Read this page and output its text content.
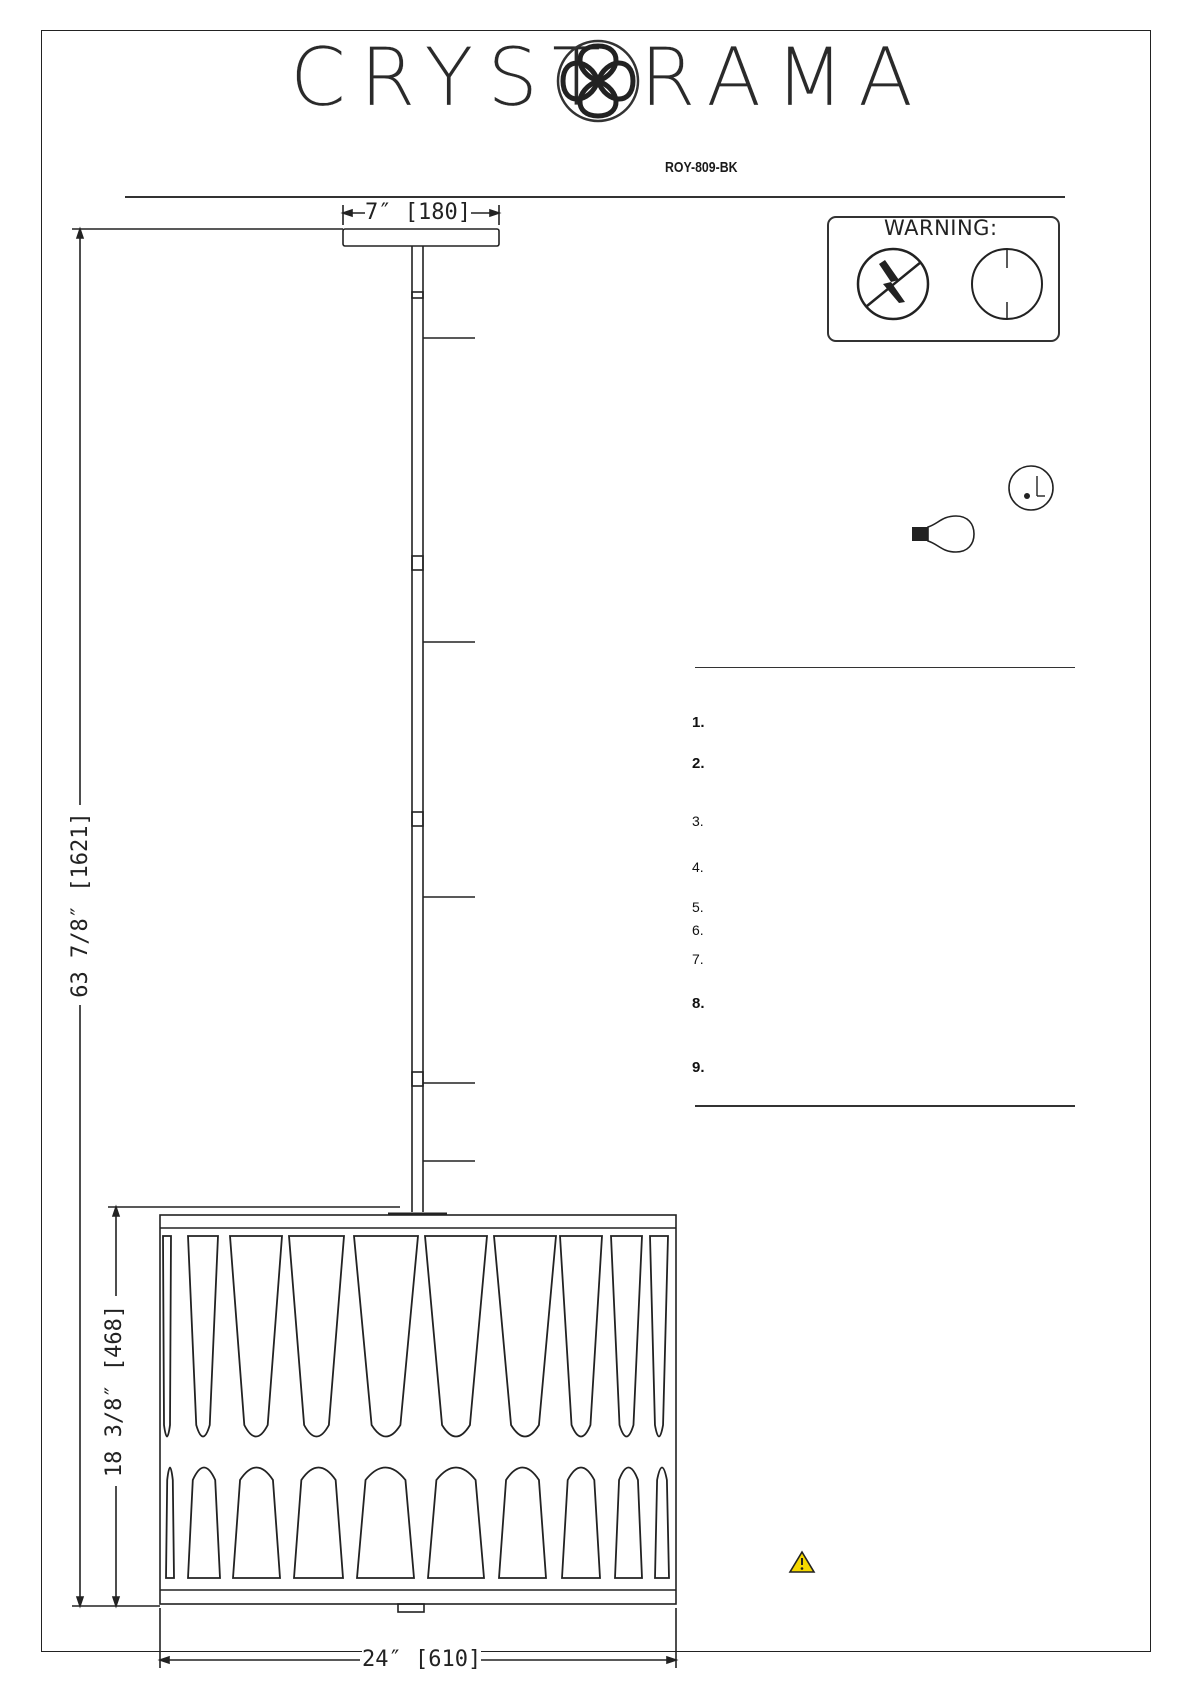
CRYST RAMA
ROY-809-BK
7″ [180]
63 7/8″ [1621]
18 3/8″ [468]
24″ [610]
WARNING:
1.
2.
3.
4.
5.
6.
7.
8.
9.
